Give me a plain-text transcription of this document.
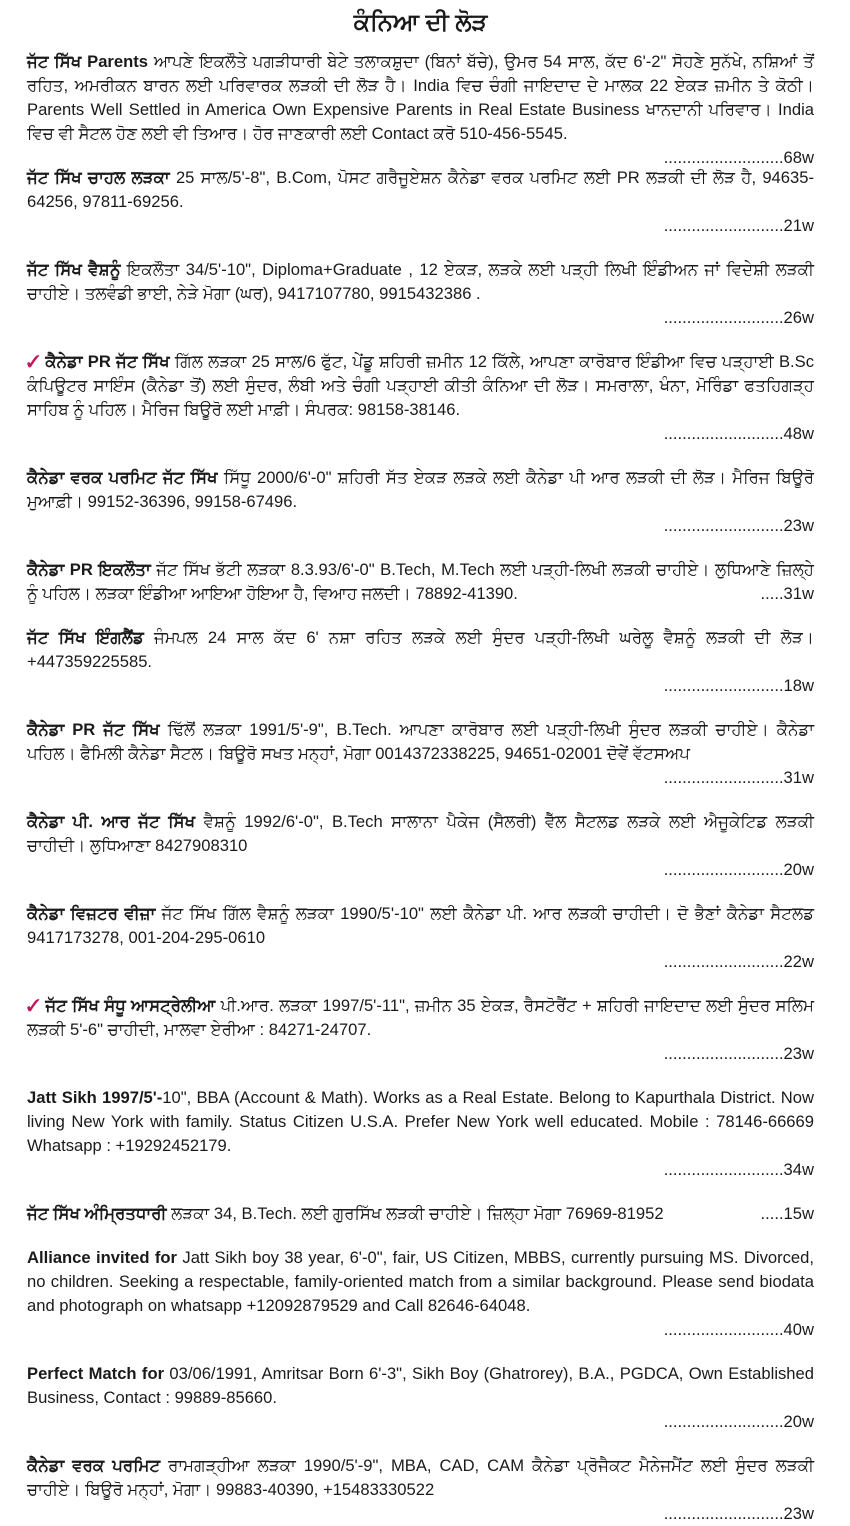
ਕੰਨਿਆ ਦੀ ਲੋੜ
ਜੱਟ ਸਿੱਖ Parents ਆਪਣੇ ਇਕਲੌਤੇ ਪਗੜੀਧਾਰੀ ਬੇਟੇ ਤਲਾਕਸ਼ੁਦਾ (ਬਿਨਾਂ ਬੱਚੇ), ਉਮਰ 54 ਸਾਲ, ਕੱਦ 6'-2" ਸੋਹਣੇ ਸੁਨੱਖੇ, ਨਸ਼ਿਆਂ ਤੋਂ ਰਹਿਤ, ਅਮਰੀਕਨ ਬਾਰਨ ਲਈ ਪਰਿਵਾਰਕ ਲੜਕੀ ਦੀ ਲੋੜ ਹੈ। India ਵਿਚ ਚੰਗੀ ਜਾਇਦਾਦ ਦੇ ਮਾਲਕ 22 ਏਕੜ ਜ਼ਮੀਨ ਤੇ ਕੋਠੀ। Parents Well Settled in America Own Expensive Parents in Real Estate Business ਖਾਨਦਾਨੀ ਪਰਿਵਾਰ। India ਵਿਚ ਵੀ ਸੈਟਲ ਹੋਣ ਲਈ ਵੀ ਤਿਆਰ। ਹੋਰ ਜਾਣਕਾਰੀ ਲਈ Contact ਕਰੋ 510-456-5545.
..........................68w
ਜੱਟ ਸਿੱਖ ਚਾਹਲ ਲੜਕਾ 25 ਸਾਲ/5'-8", B.Com, ਪੋਸਟ ਗਰੈਜੂਏਸ਼ਨ ਕੈਨੇਡਾ ਵਰਕ ਪਰਮਿਟ ਲਈ PR ਲੜਕੀ ਦੀ ਲੋੜ ਹੈ, 94635-64256, 97811-69256.
..........................21w
ਜੱਟ ਸਿੱਖ ਵੈਸ਼ਨੂੰ ਇਕਲੌਤਾ 34/5'-10", Diploma+Graduate , 12 ਏਕੜ, ਲੜਕੇ ਲਈ ਪੜ੍ਹੀ ਲਿਖੀ ਇੰਡੀਅਨ ਜਾਂ ਵਿਦੇਸ਼ੀ ਲੜਕੀ ਚਾਹੀਏ। ਤਲਵੰਡੀ ਭਾਈ, ਨੇੜੇ ਮੋਗਾ (ਘਰ), 9417107780, 9915432386 .
..........................26w
✓ ਕੈਨੇਡਾ PR ਜੱਟ ਸਿੱਖ ਗਿੱਲ ਲੜਕਾ 25 ਸਾਲ/6 ਫੁੱਟ, ਪੇਂਡੂ ਸ਼ਹਿਰੀ ਜ਼ਮੀਨ 12 ਕਿੱਲੇ, ਆਪਣਾ ਕਾਰੋਬਾਰ ਇੰਡੀਆ ਵਿਚ ਪੜ੍ਹਾਈ B.Sc ਕੰਪਿਊਟਰ ਸਾਇੰਸ (ਕੈਨੇਡਾ ਤੋਂ) ਲਈ ਸੁੰਦਰ, ਲੰਬੀ ਅਤੇ ਚੰਗੀ ਪੜ੍ਹਾਈ ਕੀਤੀ ਕੰਨਿਆ ਦੀ ਲੋੜ। ਸਮਰਾਲਾ, ਖੰਨਾ, ਮੋਰਿੰਡਾ ਫਤਹਿਗੜ੍ਹ ਸਾਹਿਬ ਨੂੰ ਪਹਿਲ। ਮੈਰਿਜ ਬਿਊਰੋ ਲਈ ਮਾਫ਼ੀ। ਸੰਪਰਕ: 98158-38146.
..........................48w
ਕੈਨੇਡਾ ਵਰਕ ਪਰਮਿਟ ਜੱਟ ਸਿੱਖ ਸਿੱਧੂ 2000/6'-0" ਸ਼ਹਿਰੀ ਸੱਤ ਏਕੜ ਲੜਕੇ ਲਈ ਕੈਨੇਡਾ ਪੀ ਆਰ ਲੜਕੀ ਦੀ ਲੋੜ। ਮੈਰਿਜ ਬਿਊਰੋ ਮੁਆਫ਼ੀ। 99152-36396, 99158-67496.
..........................23w
ਕੈਨੇਡਾ PR ਇਕਲੌਤਾ ਜੱਟ ਸਿੱਖ ਭੱਟੀ ਲੜਕਾ 8.3.93/6'-0" B.Tech, M.Tech ਲਈ ਪੜ੍ਹੀ-ਲਿਖੀ ਲੜਕੀ ਚਾਹੀਏ। ਲੁਧਿਆਣੇ ਜ਼ਿਲ੍ਹੇ ਨੂੰ ਪਹਿਲ। ਲੜਕਾ ਇੰਡੀਆ ਆਇਆ ਹੋਇਆ ਹੈ, ਵਿਆਹ ਜਲਦੀ। 78892-41390.	.....31w
ਜੱਟ ਸਿੱਖ ਇੰਗਲੈਂਡ ਜੰਮਪਲ 24 ਸਾਲ ਕੱਦ 6' ਨਸ਼ਾ ਰਹਿਤ ਲੜਕੇ ਲਈ ਸੁੰਦਰ ਪੜ੍ਹੀ-ਲਿਖੀ ਘਰੇਲੂ ਵੈਸ਼ਨੂੰ ਲੜਕੀ ਦੀ ਲੋੜ। +447359225585.
..........................18w
ਕੈਨੇਡਾ PR ਜੱਟ ਸਿੱਖ ਢਿੱਲੋਂ ਲੜਕਾ 1991/5'-9", B.Tech. ਆਪਣਾ ਕਾਰੋਬਾਰ ਲਈ ਪੜ੍ਹੀ-ਲਿਖੀ ਸੁੰਦਰ ਲੜਕੀ ਚਾਹੀਏ। ਕੈਨੇਡਾ ਪਹਿਲ। ਫੈਮਿਲੀ ਕੈਨੇਡਾ ਸੈਟਲ। ਬਿਊਰੋ ਸਖਤ ਮਨ੍ਹਾਂ, ਮੋਗਾ 0014372338225, 94651-02001 ਦੋਵੇਂ ਵੱਟਸਅਪ
..........................31w
ਕੈਨੇਡਾ ਪੀ. ਆਰ ਜੱਟ ਸਿੱਖ ਵੈਸ਼ਨੂੰ 1992/6'-0", B.Tech ਸਾਲਾਨਾ ਪੈਕੇਜ (ਸੈਲਰੀ) ਵੈੱਲ ਸੈਟਲਡ ਲੜਕੇ ਲਈ ਐਜੂਕੇਟਿਡ ਲੜਕੀ ਚਾਹੀਦੀ। ਲੁਧਿਆਣਾ 8427908310
..........................20w
ਕੈਨੇਡਾ ਵਿਜ਼ਟਰ ਵੀਜ਼ਾ ਜੱਟ ਸਿੱਖ ਗਿੱਲ ਵੈਸ਼ਨੂੰ ਲੜਕਾ 1990/5'-10" ਲਈ ਕੈਨੇਡਾ ਪੀ. ਆਰ ਲੜਕੀ ਚਾਹੀਦੀ। ਦੋ ਭੈਣਾਂ ਕੈਨੇਡਾ ਸੈਟਲਡ 9417173278, 001-204-295-0610
..........................22w
✓ ਜੱਟ ਸਿੱਖ ਸੰਧੂ ਆਸਟ੍ਰੇਲੀਆ ਪੀ.ਆਰ. ਲੜਕਾ 1997/5'-11", ਜ਼ਮੀਨ 35 ਏਕੜ, ਰੈਸਟੋਰੈਂਟ + ਸ਼ਹਿਰੀ ਜਾਇਦਾਦ ਲਈ ਸੁੰਦਰ ਸਲਿਮ ਲੜਕੀ 5'-6" ਚਾਹੀਦੀ, ਮਾਲਵਾ ਏਰੀਆ : 84271-24707.
..........................23w
Jatt Sikh 1997/5'-10", BBA (Account & Math). Works as a Real Estate. Belong to Kapurthala District. Now living New York with family. Status Citizen U.S.A. Prefer New York well educated. Mobile : 78146-66669 Whatsapp : +19292452179.
..........................34w
ਜੱਟ ਸਿੱਖ ਅੰਮ੍ਰਿਤਧਾਰੀ ਲੜਕਾ 34, B.Tech. ਲਈ ਗੁਰਸਿੱਖ ਲੜਕੀ ਚਾਹੀਏ। ਜ਼ਿਲ੍ਹਾ ਮੋਗਾ 76969-81952	.....15w
Alliance invited for Jatt Sikh boy 38 year, 6'-0", fair, US Citizen, MBBS, currently pursuing MS. Divorced, no children. Seeking a respectable, family-oriented match from a similar background. Please send biodata and photograph on whatsapp +12092879529 and Call 82646-64048.
..........................40w
Perfect Match for 03/06/1991, Amritsar Born 6'-3", Sikh Boy (Ghatrorey), B.A., PGDCA, Own Established Business, Contact : 99889-85660.
..........................20w
ਕੈਨੇਡਾ ਵਰਕ ਪਰਮਿਟ ਰਾਮਗੜ੍ਹੀਆ ਲੜਕਾ 1990/5'-9", MBA, CAD, CAM ਕੈਨੇਡਾ ਪ੍ਰੋਜੈਕਟ ਮੈਨੇਜਮੈਂਟ ਲਈ ਸੁੰਦਰ ਲੜਕੀ ਚਾਹੀਏ। ਬਿਊਰੋ ਮਨ੍ਹਾਂ, ਮੋਗਾ। 99883-40390, +15483330522
..........................23w
